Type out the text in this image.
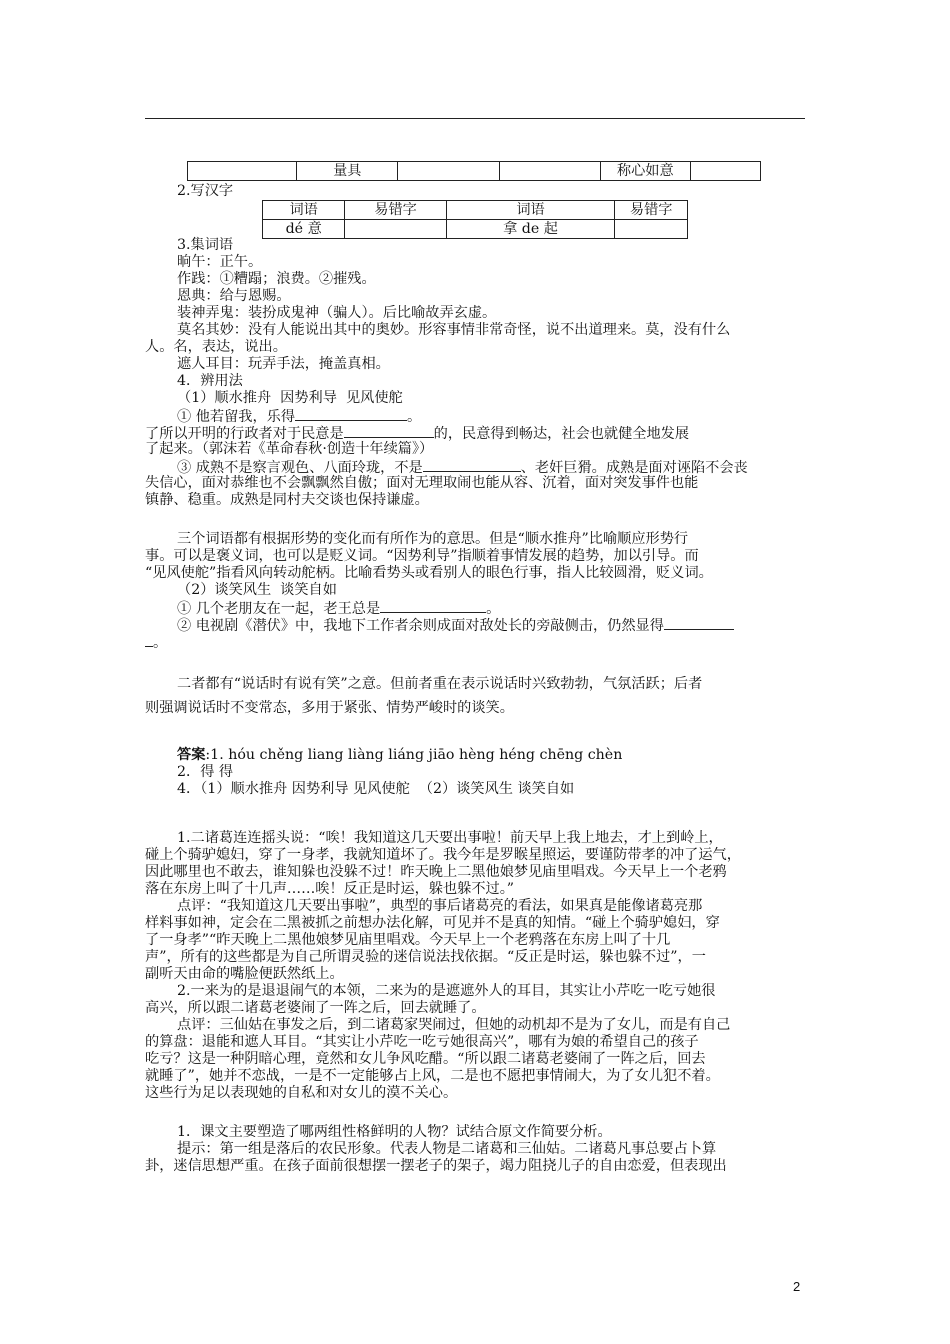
	量具			称心如意	
2.写汉字
词语	易错字	词语	易错字
dé 意		拿 de 起	
3.集词语
晌午：正午。
作践：①糟蹋；浪费。②摧残。
恩典：给与恩赐。
装神弄鬼：装扮成鬼神（骗人）。后比喻故弄玄虚。
莫名其妙：没有人能说出其中的奥妙。形容事情非常奇怪，说不出道理来。莫，没有什么
人。名，表达，说出。
遮人耳目：玩弄手法，掩盖真相。
4．辨用法
（1）顺水推舟  因势利导  见风使舵
① 他若留我，乐得	。
了所以开明的行政者对于民意是	的，民意得到畅达，社会也就健全地发展
了起来。（郭沫若《革命春秋·创造十年续篇》）
③ 成熟不是察言观色、八面玲珑，不是	、老奸巨猾。成熟是面对诬陷不会丧
失信心，面对恭维也不会飘飘然自傲；面对无理取闹也能从容、沉着，面对突发事件也能
镇静、稳重。成熟是同村夫交谈也保持谦虚。
三个词语都有根据形势的变化而有所作为的意思。但是“顺水推舟”比喻顺应形势行
事。可以是褒义词，也可以是贬义词。“因势利导”指顺着事情发展的趋势，加以引导。而
“见风使舵”指看风向转动舵柄。比喻看势头或看别人的眼色行事，指人比较圆滑，贬义词。
（2）谈笑风生  谈笑自如
① 几个老朋友在一起，老王总是	。
② 电视剧《潜伏》中，我地下工作者余则成面对敌处长的旁敲侧击，仍然显得
。
二者都有“说话时有说有笑”之意。但前者重在表示说话时兴致勃勃，气氛活跃；后者
则强调说话时不变常态，多用于紧张、情势严峻时的谈笑。
答案:1. hóu chěng liang liàng liáng jiāo hèng héng chēng chèn
2．得 得
4．（1）顺水推舟 因势利导 见风使舵  （2）谈笑风生 谈笑自如
1.二诸葛连连摇头说：“唉！我知道这几天要出事啦！前天早上我上地去，才上到岭上，
碰上个骑驴媳妇，穿了一身孝，我就知道坏了。我今年是罗睺星照运，要谨防带孝的冲了运气，
因此哪里也不敢去，谁知躲也没躲不过！昨天晚上二黑他娘梦见庙里唱戏。今天早上一个老鸦
落在东房上叫了十几声……唉！反正是时运，躲也躲不过。”
点评：“我知道这几天要出事啦”，典型的事后诸葛亮的看法，如果真是能像诸葛亮那
样料事如神，定会在二黑被抓之前想办法化解，可见并不是真的知情。“碰上个骑驴媳妇，穿
了一身孝”“昨天晚上二黑他娘梦见庙里唱戏。今天早上一个老鸦落在东房上叫了十几
声”，所有的这些都是为自己所谓灵验的迷信说法找依据。“反正是时运，躲也躲不过”，一
副听天由命的嘴脸便跃然纸上。
2.一来为的是退退闹气的本领，二来为的是遮遮外人的耳目，其实让小芹吃一吃亏她很
高兴，所以跟二诸葛老婆闹了一阵之后，回去就睡了。
点评：三仙姑在事发之后，到二诸葛家哭闹过，但她的动机却不是为了女儿，而是有自己
的算盘：退能和遮人耳目。“其实让小芹吃一吃亏她很高兴”，哪有为娘的希望自己的孩子
吃亏？这是一种阴暗心理，竟然和女儿争风吃醋。“所以跟二诸葛老婆闹了一阵之后，回去
就睡了”，她并不恋战，一是不一定能够占上风，二是也不愿把事情闹大，为了女儿犯不着。
这些行为足以表现她的自私和对女儿的漠不关心。
1．课文主要塑造了哪两组性格鲜明的人物？试结合原文作简要分析。
提示：第一组是落后的农民形象。代表人物是二诸葛和三仙姑。二诸葛凡事总要占卜算
卦，迷信思想严重。在孩子面前很想摆一摆老子的架子，竭力阻挠儿子的自由恋爱，但表现出
2
